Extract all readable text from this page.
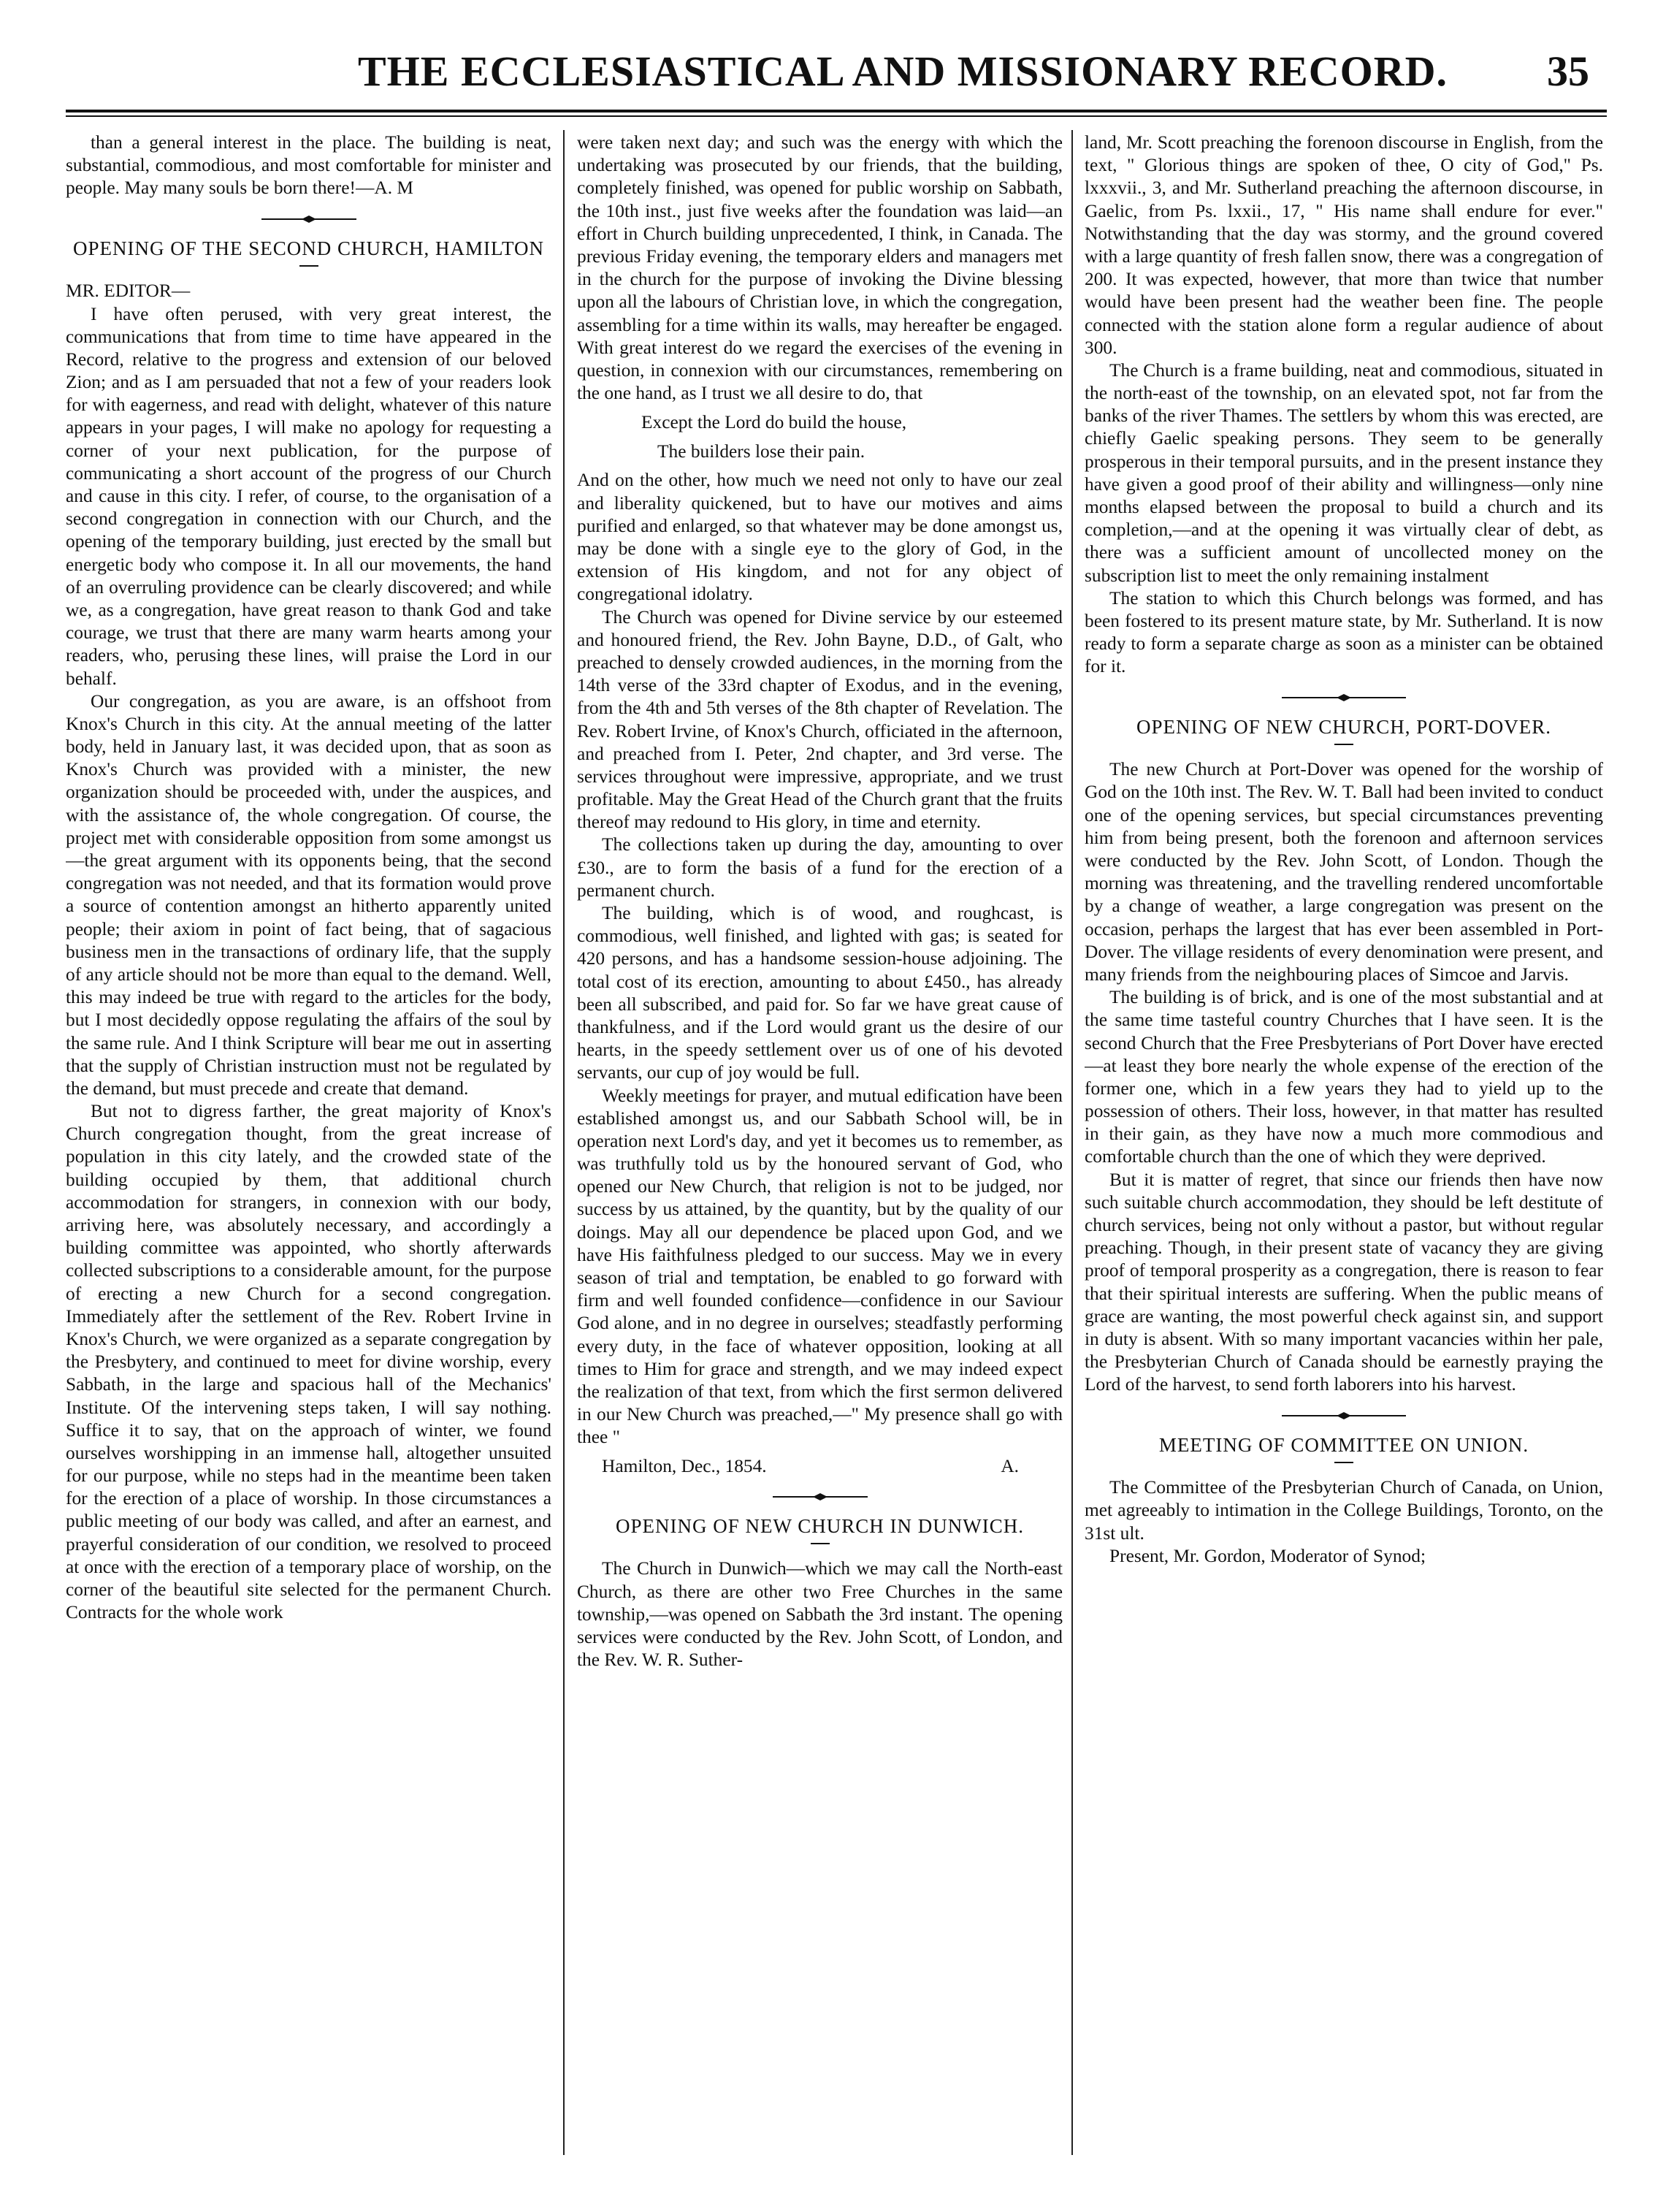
THE ECCLESIASTICAL AND MISSIONARY RECORD. 35

than a general interest in the place. The building is neat, substantial, commodious, and most comfortable for minister and people. May many souls be born there!—A. M

OPENING OF THE SECOND CHURCH, HAMILTON

MR. EDITOR—

I have often perused, with very great interest, the communications that from time to time have appeared in the Record, relative to the progress and extension of our beloved Zion; and as I am persuaded that not a few of your readers look for with eagerness, and read with delight, whatever of this nature appears in your pages, I will make no apology for requesting a corner of your next publication, for the purpose of communicating a short account of the progress of our Church and cause in this city. I refer, of course, to the organisation of a second congregation in connection with our Church, and the opening of the temporary building, just erected by the small but energetic body who compose it. In all our movements, the hand of an overruling providence can be clearly discovered; and while we, as a congregation, have great reason to thank God and take courage, we trust that there are many warm hearts among your readers, who, perusing these lines, will praise the Lord in our behalf.

Our congregation, as you are aware, is an offshoot from Knox's Church in this city. At the annual meeting of the latter body, held in January last, it was decided upon, that as soon as Knox's Church was provided with a minister, the new organization should be proceeded with, under the auspices, and with the assistance of, the whole congregation. Of course, the project met with considerable opposition from some amongst us—the great argument with its opponents being, that the second congregation was not needed, and that its formation would prove a source of contention amongst an hitherto apparently united people; their axiom in point of fact being, that of sagacious business men in the transactions of ordinary life, that the supply of any article should not be more than equal to the demand. Well, this may indeed be true with regard to the articles for the body, but I most decidedly oppose regulating the affairs of the soul by the same rule. And I think Scripture will bear me out in asserting that the supply of Christian instruction must not be regulated by the demand, but must precede and create that demand.

But not to digress farther, the great majority of Knox's Church congregation thought, from the great increase of population in this city lately, and the crowded state of the building occupied by them, that additional church accommodation for strangers, in connexion with our body, arriving here, was absolutely necessary, and accordingly a building committee was appointed, who shortly afterwards collected subscriptions to a considerable amount, for the purpose of erecting a new Church for a second congregation. Immediately after the settlement of the Rev. Robert Irvine in Knox's Church, we were organized as a separate congregation by the Presbytery, and continued to meet for divine worship, every Sabbath, in the large and spacious hall of the Mechanics' Institute. Of the intervening steps taken, I will say nothing. Suffice it to say, that on the approach of winter, we found ourselves worshipping in an immense hall, altogether unsuited for our purpose, while no steps had in the meantime been taken for the erection of a place of worship. In those circumstances a public meeting of our body was called, and after an earnest, and prayerful consideration of our condition, we resolved to proceed at once with the erection of a temporary place of worship, on the corner of the beautiful site selected for the permanent Church. Contracts for the whole work

were taken next day; and such was the energy with which the undertaking was prosecuted by our friends, that the building, completely finished, was opened for public worship on Sabbath, the 10th inst., just five weeks after the foundation was laid—an effort in Church building unprecedented, I think, in Canada. The previous Friday evening, the temporary elders and managers met in the church for the purpose of invoking the Divine blessing upon all the labours of Christian love, in which the congregation, assembling for a time within its walls, may hereafter be engaged. With great interest do we regard the exercises of the evening in question, in connexion with our circumstances, remembering on the one hand, as I trust we all desire to do, that

Except the Lord do build the house,

The builders lose their pain.

And on the other, how much we need not only to have our zeal and liberality quickened, but to have our motives and aims purified and enlarged, so that whatever may be done amongst us, may be done with a single eye to the glory of God, in the extension of His kingdom, and not for any object of congregational idolatry.

The Church was opened for Divine service by our esteemed and honoured friend, the Rev. John Bayne, D.D., of Galt, who preached to densely crowded audiences, in the morning from the 14th verse of the 33rd chapter of Exodus, and in the evening, from the 4th and 5th verses of the 8th chapter of Revelation. The Rev. Robert Irvine, of Knox's Church, officiated in the afternoon, and preached from I. Peter, 2nd chapter, and 3rd verse. The services throughout were impressive, appropriate, and we trust profitable. May the Great Head of the Church grant that the fruits thereof may redound to His glory, in time and eternity.

The collections taken up during the day, amounting to over £30., are to form the basis of a fund for the erection of a permanent church.

The building, which is of wood, and roughcast, is commodious, well finished, and lighted with gas; is seated for 420 persons, and has a handsome session-house adjoining. The total cost of its erection, amounting to about £450., has already been all subscribed, and paid for. So far we have great cause of thankfulness, and if the Lord would grant us the desire of our hearts, in the speedy settlement over us of one of his devoted servants, our cup of joy would be full.

Weekly meetings for prayer, and mutual edification have been established amongst us, and our Sabbath School will, be in operation next Lord's day, and yet it becomes us to remember, as was truthfully told us by the honoured servant of God, who opened our New Church, that religion is not to be judged, nor success by us attained, by the quantity, but by the quality of our doings. May all our dependence be placed upon God, and we have His faithfulness pledged to our success. May we in every season of trial and temptation, be enabled to go forward with firm and well founded confidence—confidence in our Saviour God alone, and in no degree in ourselves; steadfastly performing every duty, in the face of whatever opposition, looking at all times to Him for grace and strength, and we may indeed expect the realization of that text, from which the first sermon delivered in our New Church was preached,—" My presence shall go with thee "

Hamilton, Dec., 1854.	A.
OPENING OF NEW CHURCH IN DUNWICH.

The Church in Dunwich—which we may call the North-east Church, as there are other two Free Churches in the same township,—was opened on Sabbath the 3rd instant. The opening services were conducted by the Rev. John Scott, of London, and the Rev. W. R. Suther-

land, Mr. Scott preaching the forenoon discourse in English, from the text, " Glorious things are spoken of thee, O city of God," Ps. lxxxvii., 3, and Mr. Sutherland preaching the afternoon discourse, in Gaelic, from Ps. lxxii., 17, " His name shall endure for ever." Notwithstanding that the day was stormy, and the ground covered with a large quantity of fresh fallen snow, there was a congregation of 200. It was expected, however, that more than twice that number would have been present had the weather been fine. The people connected with the station alone form a regular audience of about 300.

The Church is a frame building, neat and commodious, situated in the north-east of the township, on an elevated spot, not far from the banks of the river Thames. The settlers by whom this was erected, are chiefly Gaelic speaking persons. They seem to be generally prosperous in their temporal pursuits, and in the present instance they have given a good proof of their ability and willingness—only nine months elapsed between the proposal to build a church and its completion,—and at the opening it was virtually clear of debt, as there was a sufficient amount of uncollected money on the subscription list to meet the only remaining instalment

The station to which this Church belongs was formed, and has been fostered to its present mature state, by Mr. Sutherland. It is now ready to form a separate charge as soon as a minister can be obtained for it.

OPENING OF NEW CHURCH, PORT-DOVER.

The new Church at Port-Dover was opened for the worship of God on the 10th inst. The Rev. W. T. Ball had been invited to conduct one of the opening services, but special circumstances preventing him from being present, both the forenoon and afternoon services were conducted by the Rev. John Scott, of London. Though the morning was threatening, and the travelling rendered uncomfortable by a change of weather, a large congregation was present on the occasion, perhaps the largest that has ever been assembled in Port-Dover. The village residents of every denomination were present, and many friends from the neighbouring places of Simcoe and Jarvis.

The building is of brick, and is one of the most substantial and at the same time tasteful country Churches that I have seen. It is the second Church that the Free Presbyterians of Port Dover have erected—at least they bore nearly the whole expense of the erection of the former one, which in a few years they had to yield up to the possession of others. Their loss, however, in that matter has resulted in their gain, as they have now a much more commodious and comfortable church than the one of which they were deprived.

But it is matter of regret, that since our friends then have now such suitable church accommodation, they should be left destitute of church services, being not only without a pastor, but without regular preaching. Though, in their present state of vacancy they are giving proof of temporal prosperity as a congregation, there is reason to fear that their spiritual interests are suffering. When the public means of grace are wanting, the most powerful check against sin, and support in duty is absent. With so many important vacancies within her pale, the Presbyterian Church of Canada should be earnestly praying the Lord of the harvest, to send forth laborers into his harvest.

MEETING OF COMMITTEE ON UNION.

The Committee of the Presbyterian Church of Canada, on Union, met agreeably to intimation in the College Buildings, Toronto, on the 31st ult.

Present, Mr. Gordon, Moderator of Synod;
